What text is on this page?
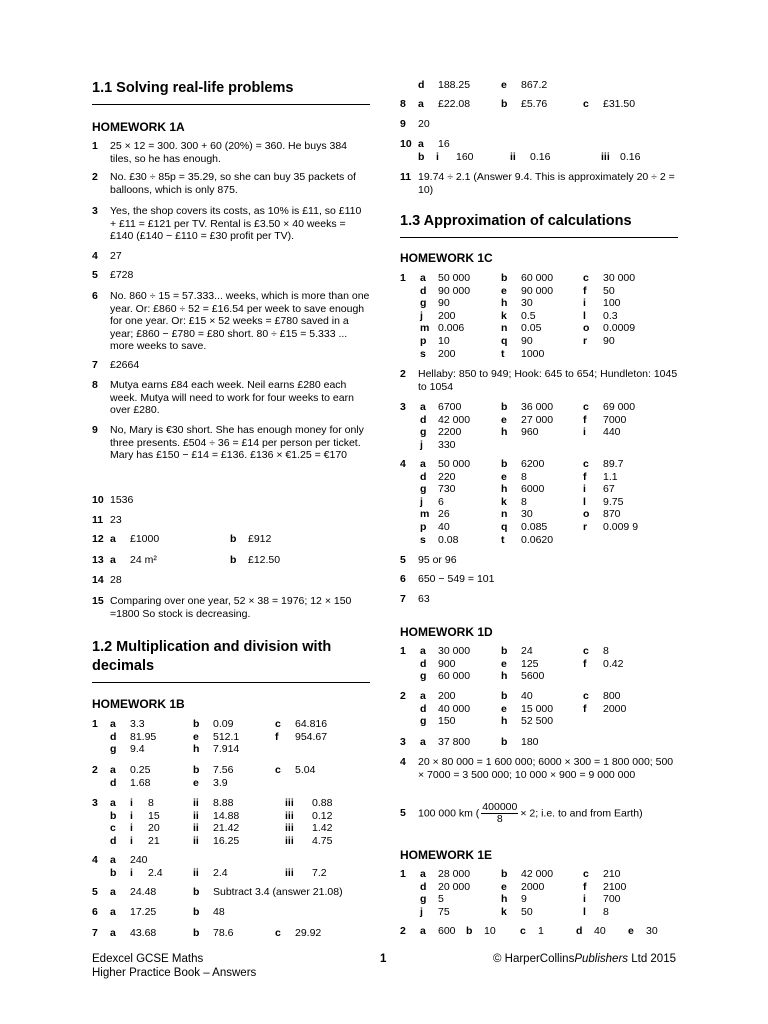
1.1 Solving real-life problems
HOMEWORK 1A
1 25 × 12 = 300. 300 + 60 (20%) = 360. He buys 384 tiles, so he has enough.
2 No. £30 ÷ 85p = 35.29, so she can buy 35 packets of balloons, which is only 875.
3 Yes, the shop covers its costs, as 10% is £11, so £110 + £11 = £121 per TV. Rental is £3.50 × 40 weeks = £140 (£140 − £110 = £30 profit per TV).
4 27
5 £728
6 No. 860 ÷ 15 = 57.333... weeks, which is more than one year. Or: £860 ÷ 52 = £16.54 per week to save enough for one year. Or: £15 × 52 weeks = £780 saved in a year; £860 − £780 = £80 short. 80 ÷ £15 = 5.333 ... more weeks to save.
7 £2664
8 Mutya earns £84 each week. Neil earns £280 each week. Mutya will need to work for four weeks to earn over £280.
9 No, Mary is €30 short. She has enough money for only three presents. £504 ÷ 36 = £14 per person per ticket. Mary has £150 − £14 = £136. £136 × €1.25 = €170
10 1536
11 23
12 a £1000	b £912
13 a 24 m²	b £12.50
14 28
15 Comparing over one year, 52 × 38 = 1976; 12 × 150 =1800 So stock is decreasing.
1.2 Multiplication and division with decimals
HOMEWORK 1B
1 a 3.3	b 0.09	c 64.816
d 81.95	e 512.1	f 954.67
g 9.4	h 7.914
2 a 0.25	b 7.56	c 5.04
d 1.68	e 3.9
3 a i 8	ii 8.88	iii 0.88
b i 15	ii 14.88	iii 0.12
c i 20	ii 21.42	iii 1.42
d i 21	ii 16.25	iii 4.75
4 a 240
b i 2.4	ii 2.4	iii 7.2
5 a 24.48	b Subtract 3.4 (answer 21.08)
6 a 17.25	b 48
7 a 43.68	b 78.6	c 29.92
d 188.25	e 867.2
8 a £22.08	b £5.76	c £31.50
9 20
10 a 16
b i 160	ii 0.16	iii 0.16
11 19.74 ÷ 2.1 (Answer 9.4. This is approximately 20 ÷ 2 = 10)
1.3 Approximation of calculations
HOMEWORK 1C
1 a 50 000	b 60 000	c 30 000
d 90 000	e 90 000	f 50
g 90	h 30	i 100
j 200	k 0.5	l 0.3
m 0.006	n 0.05	o 0.0009
p 10	q 90	r 90
s 200	t 1000
2 Hellaby: 850 to 949; Hook: 645 to 654; Hundleton: 1045 to 1054
3 a 6700	b 36 000	c 69 000
d 42 000	e 27 000	f 7000
g 2200	h 960	i 440
j 330
4 a 50 000	b 6200	c 89.7
d 220	e 8	f 1.1
g 730	h 6000	i 67
j 6	k 8	l 9.75
m 26	n 30	o 870
p 40	q 0.085	r 0.009 9
s 0.08	t 0.0620
5 95 or 96
6 650 − 549 = 101
7 63
HOMEWORK 1D
1 a 30 000	b 24	c 8
d 900	e 125	f 0.42
g 60 000	h 5600
2 a 200	b 40	c 800
d 40 000	e 15 000	f 2000
g 150	h 52 500
3 a 37 800	b 180
4 20 × 80 000 = 1 600 000; 6000 × 300 = 1 800 000; 500 × 7000 = 3 500 000; 10 000 × 900 = 9 000 000
5 100 000 km ( $\frac{400000}{8} \times 2$; i.e. to and from Earth)
HOMEWORK 1E
1 a 28 000	b 42 000	c 210
d 20 000	e 2000	f 2100
g 5	h 9	i 700
j 75	k 50	l 8
2 a 600 b 10 c 1	d 40 e 30
Edexcel GCSE Maths
Higher Practice Book – Answers
1	© HarperCollinsPublishers Ltd 2015
